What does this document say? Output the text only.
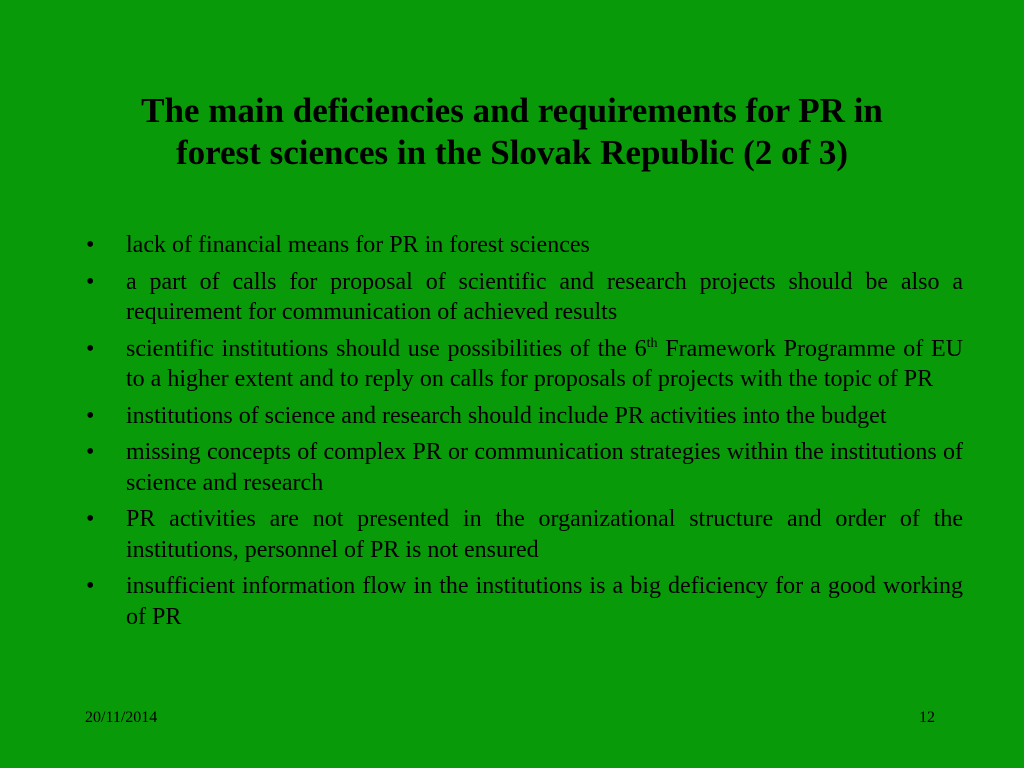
The main deficiencies and requirements for PR in
forest sciences in the Slovak Republic (2 of 3)
•	lack of financial means for PR in forest sciences
•	a part of calls for proposal of scientific and research projects should be also a requirement for communication of achieved results
•	scientific institutions should use possibilities of the 6th Framework Programme of EU to a higher extent and to reply on calls for proposals of projects with the topic of PR
•	institutions of science and research should include PR activities into the budget
•	missing concepts of complex PR or communication strategies within the institutions of science and research
•	PR activities are not presented in the organizational structure and order of the institutions, personnel of PR is not ensured
•	insufficient information flow in the institutions is a big deficiency for a good working of PR
20/11/2014	12
